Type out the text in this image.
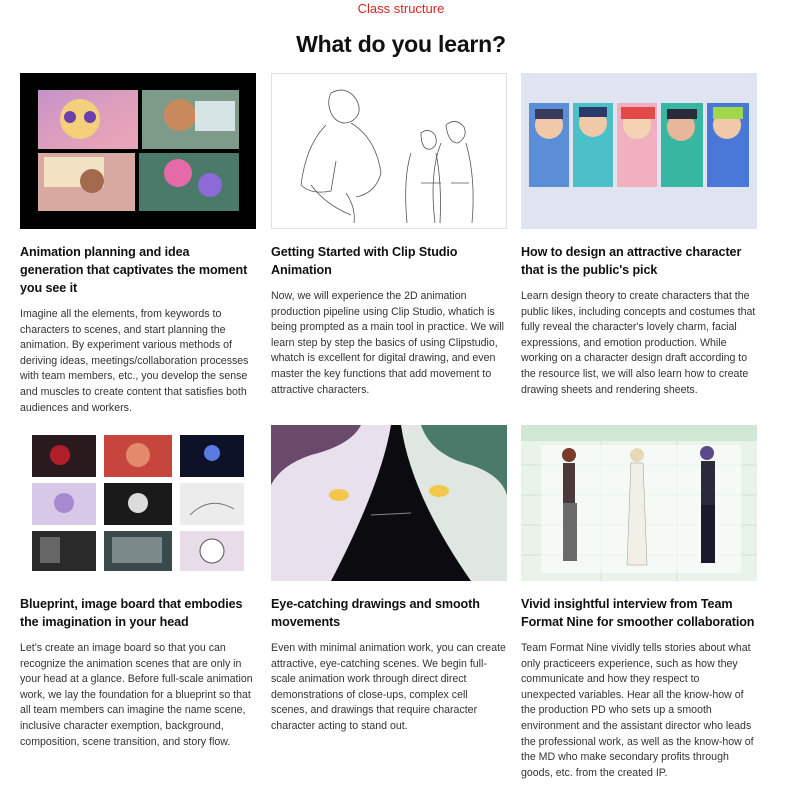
Class structure
What do you learn?
Animation planning and idea generation that captivates the moment you see it

Imagine all the elements, from keywords to characters to scenes, and start planning the animation. By experiment various methods of deriving ideas, meetings/collaboration processes with team members, etc., you develop the sense and muscles to create content that satisfies both audiences and workers.

Getting Started with Clip Studio Animation

Now, we will experience the 2D animation production pipeline using Clip Studio, whatich is being prompted as a main tool in practice. We will learn step by step the basics of using Clipstudio, whatch is excellent for digital drawing, and even master the key functions that add movement to attractive characters.

How to design an attractive character that is the public's pick

Learn design theory to create characters that the public likes, including concepts and costumes that fully reveal the character's lovely charm, facial expressions, and emotion production. While working on a character design draft according to the resource list, we will also learn how to create drawing sheets and rendering sheets.

Blueprint, image board that embodies the imagination in your head

Let's create an image board so that you can recognize the animation scenes that are only in your head at a glance. Before full-scale animation work, we lay the foundation for a blueprint so that all team members can imagine the name scene, inclusive character exemption, background, composition, scene transition, and story flow.

Eye-catching drawings and smooth movements

Even with minimal animation work, you can create attractive, eye-catching scenes. We begin full-scale animation work through direct direct demonstrations of close-ups, complex cell scenes, and drawings that require character character acting to stand out.

Vivid insightful interview from Team Format Nine for smoother collaboration

Team Format Nine vividly tells stories about what only practiceers experience, such as how they communicate and how they respect to unexpected variables. Hear all the know-how of the production PD who sets up a smooth environment and the assistant director who leads the professional work, as well as the know-how of the MD who make secondary profits through goods, etc. from the created IP.
